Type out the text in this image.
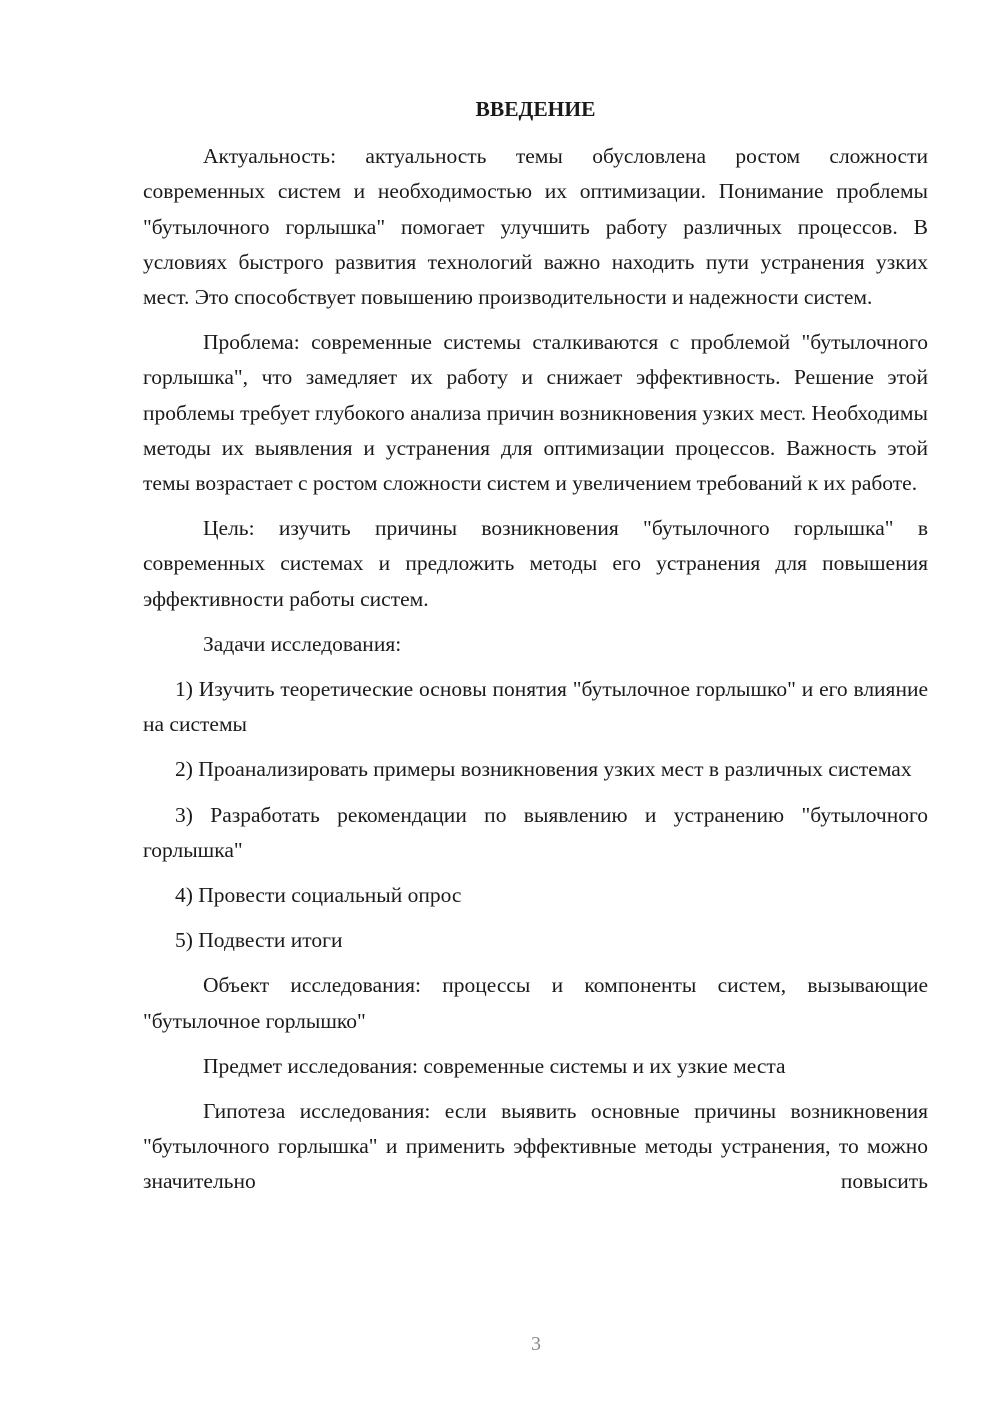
ВВЕДЕНИЕ

Актуальность: актуальность темы обусловлена ростом сложности современных систем и необходимостью их оптимизации. Понимание проблемы "бутылочного горлышка" помогает улучшить работу различных процессов. В условиях быстрого развития технологий важно находить пути устранения узких мест. Это способствует повышению производительности и надежности систем.

Проблема: современные системы сталкиваются с проблемой "бутылочного горлышка", что замедляет их работу и снижает эффективность. Решение этой проблемы требует глубокого анализа причин возникновения узких мест. Необходимы методы их выявления и устранения для оптимизации процессов. Важность этой темы возрастает с ростом сложности систем и увеличением требований к их работе.

Цель: изучить причины возникновения "бутылочного горлышка" в современных системах и предложить методы его устранения для повышения эффективности работы систем.

Задачи исследования:

1) Изучить теоретические основы понятия "бутылочное горлышко" и его влияние на системы

2) Проанализировать примеры возникновения узких мест в различных системах

3) Разработать рекомендации по выявлению и устранению "бутылочного горлышка"

4) Провести социальный опрос

5) Подвести итоги

Объект исследования: процессы и компоненты систем, вызывающие "бутылочное горлышко"

Предмет исследования: современные системы и их узкие места

Гипотеза исследования: если выявить основные причины возникновения "бутылочного горлышка" и применить эффективные методы устранения, то можно значительно повысить

3
